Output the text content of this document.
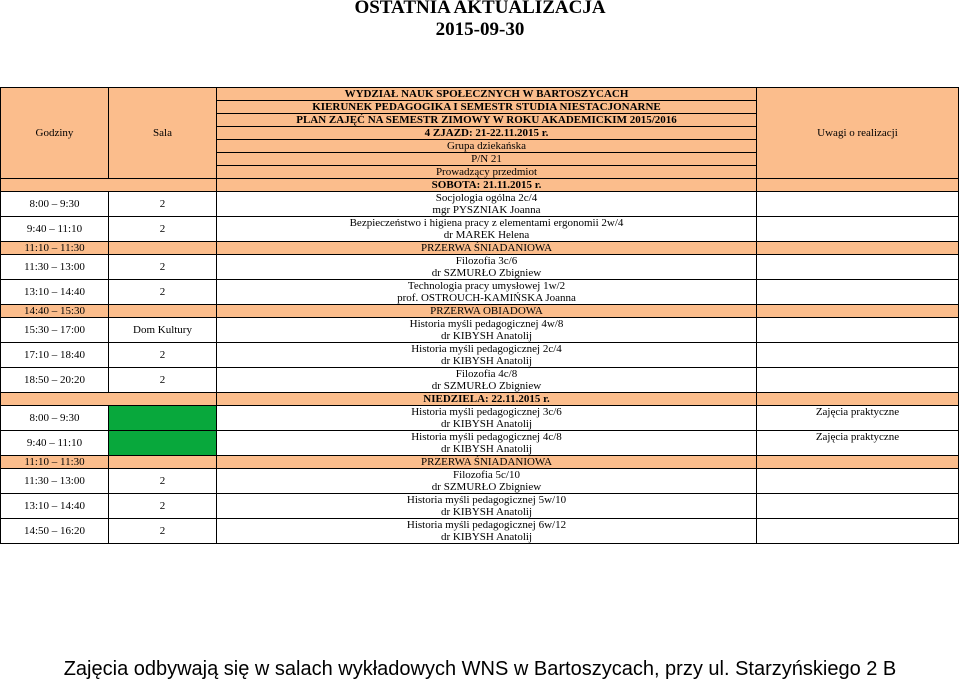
OSTATNIA AKTUALIZACJA
2015-09-30
Godziny	Sala	WYDZIAŁ NAUK SPOŁECZNYCH W BARTOSZYCACH	Uwagi o realizacji
		KIERUNEK PEDAGOGIKA I SEMESTR STUDIA NIESTACJONARNE	
		PLAN ZAJĘĆ NA SEMESTR ZIMOWY W ROKU AKADEMICKIM 2015/2016	
		4 ZJAZD: 21-22.11.2015 r.	
		Grupa dziekańska	
		P/N 21	
		Prowadzący przedmiot	
		SOBOTA: 21.11.2015 r.	
8:00 – 9:30	2	Socjologia ogólna 2c/4
mgr PYSZNIAK Joanna	

9:40 – 11:10	2	Bezpieczeństwo i higiena pracy z elementami ergonomii 2w/4
dr MAREK Helena	

11:10 – 11:30		PRZERWA ŚNIADANIOWA	
11:30 – 13:00	2	Filozofia 3c/6
dr SZMURŁO Zbigniew	

13:10 – 14:40	2	Technologia pracy umysłowej 1w/2
prof. OSTROUCH-KAMIŃSKA Joanna	

14:40 – 15:30		PRZERWA OBIADOWA	
15:30 – 17:00	Dom Kultury	Historia myśli pedagogicznej 4w/8
dr KIBYSH Anatolij	

17:10 – 18:40	2	Historia myśli pedagogicznej 2c/4
dr KIBYSH Anatolij	

18:50 – 20:20	2	Filozofia 4c/8
dr SZMURŁO Zbigniew	

		NIEDZIELA: 22.11.2015 r.	
8:00 – 9:30		Historia myśli pedagogicznej 3c/6
dr KIBYSH Anatolij	Zajęcia praktyczne
9:40 – 11:10		Historia myśli pedagogicznej 4c/8
dr KIBYSH Anatolij	Zajęcia praktyczne
11:10 – 11:30		PRZERWA ŚNIADANIOWA	
11:30 – 13:00	2	Filozofia 5c/10
dr SZMURŁO Zbigniew	

13:10 – 14:40	2	Historia myśli pedagogicznej 5w/10
dr KIBYSH Anatolij	

14:50 – 16:20	2	Historia myśli pedagogicznej 6w/12
dr KIBYSH Anatolij	

Zajęcia odbywają się w salach wykładowych WNS w Bartoszycach, przy ul. Starzyńskiego 2 B
